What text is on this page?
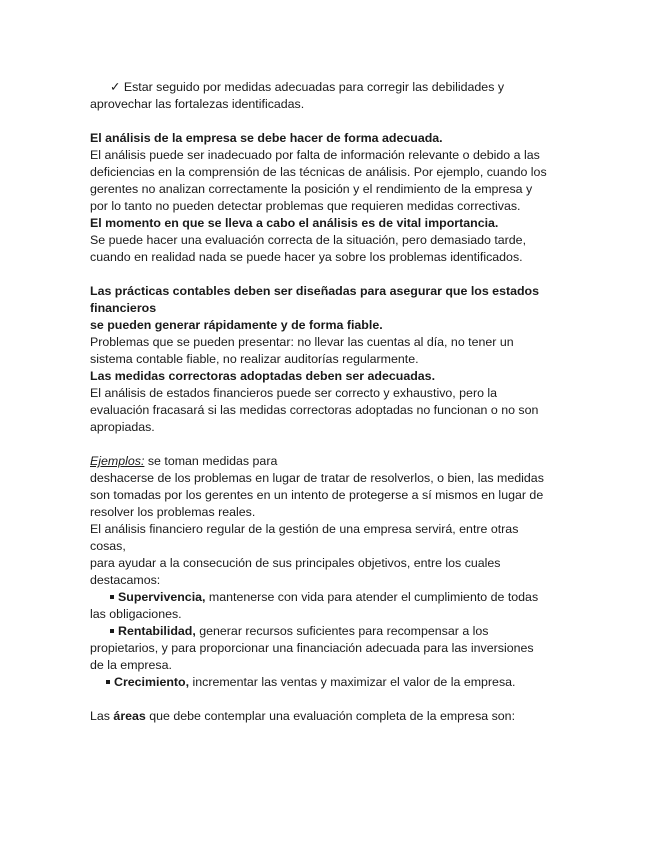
✓ Estar seguido por medidas adecuadas para corregir las debilidades y
aprovechar las fortalezas identificadas.
El análisis de la empresa se debe hacer de forma adecuada.
El análisis puede ser inadecuado por falta de información relevante o debido a las
deficiencias en la comprensión de las técnicas de análisis. Por ejemplo, cuando los
gerentes no analizan correctamente la posición y el rendimiento de la empresa y
por lo tanto no pueden detectar problemas que requieren medidas correctivas.
El momento en que se lleva a cabo el análisis es de vital importancia.
Se puede hacer una evaluación correcta de la situación, pero demasiado tarde,
cuando en realidad nada se puede hacer ya sobre los problemas identificados.
Las prácticas contables deben ser diseñadas para asegurar que los estados
financieros
se pueden generar rápidamente y de forma fiable.
Problemas que se pueden presentar: no llevar las cuentas al día, no tener un
sistema contable fiable, no realizar auditorías regularmente.
Las medidas correctoras adoptadas deben ser adecuadas.
El análisis de estados financieros puede ser correcto y exhaustivo, pero la
evaluación fracasará si las medidas correctoras adoptadas no funcionan o no son
apropiadas.
Ejemplos: se toman medidas para
deshacerse de los problemas en lugar de tratar de resolverlos, o bien, las medidas
son tomadas por los gerentes en un intento de protegerse a sí mismos en lugar de
resolver los problemas reales.
El análisis financiero regular de la gestión de una empresa servirá, entre otras
cosas,
para ayudar a la consecución de sus principales objetivos, entre los cuales
destacamos:
Supervivencia, mantenerse con vida para atender el cumplimiento de todas
las obligaciones.
Rentabilidad, generar recursos suficientes para recompensar a los
propietarios, y para proporcionar una financiación adecuada para las inversiones
de la empresa.
Crecimiento, incrementar las ventas y maximizar el valor de la empresa.
Las áreas que debe contemplar una evaluación completa de la empresa son:
